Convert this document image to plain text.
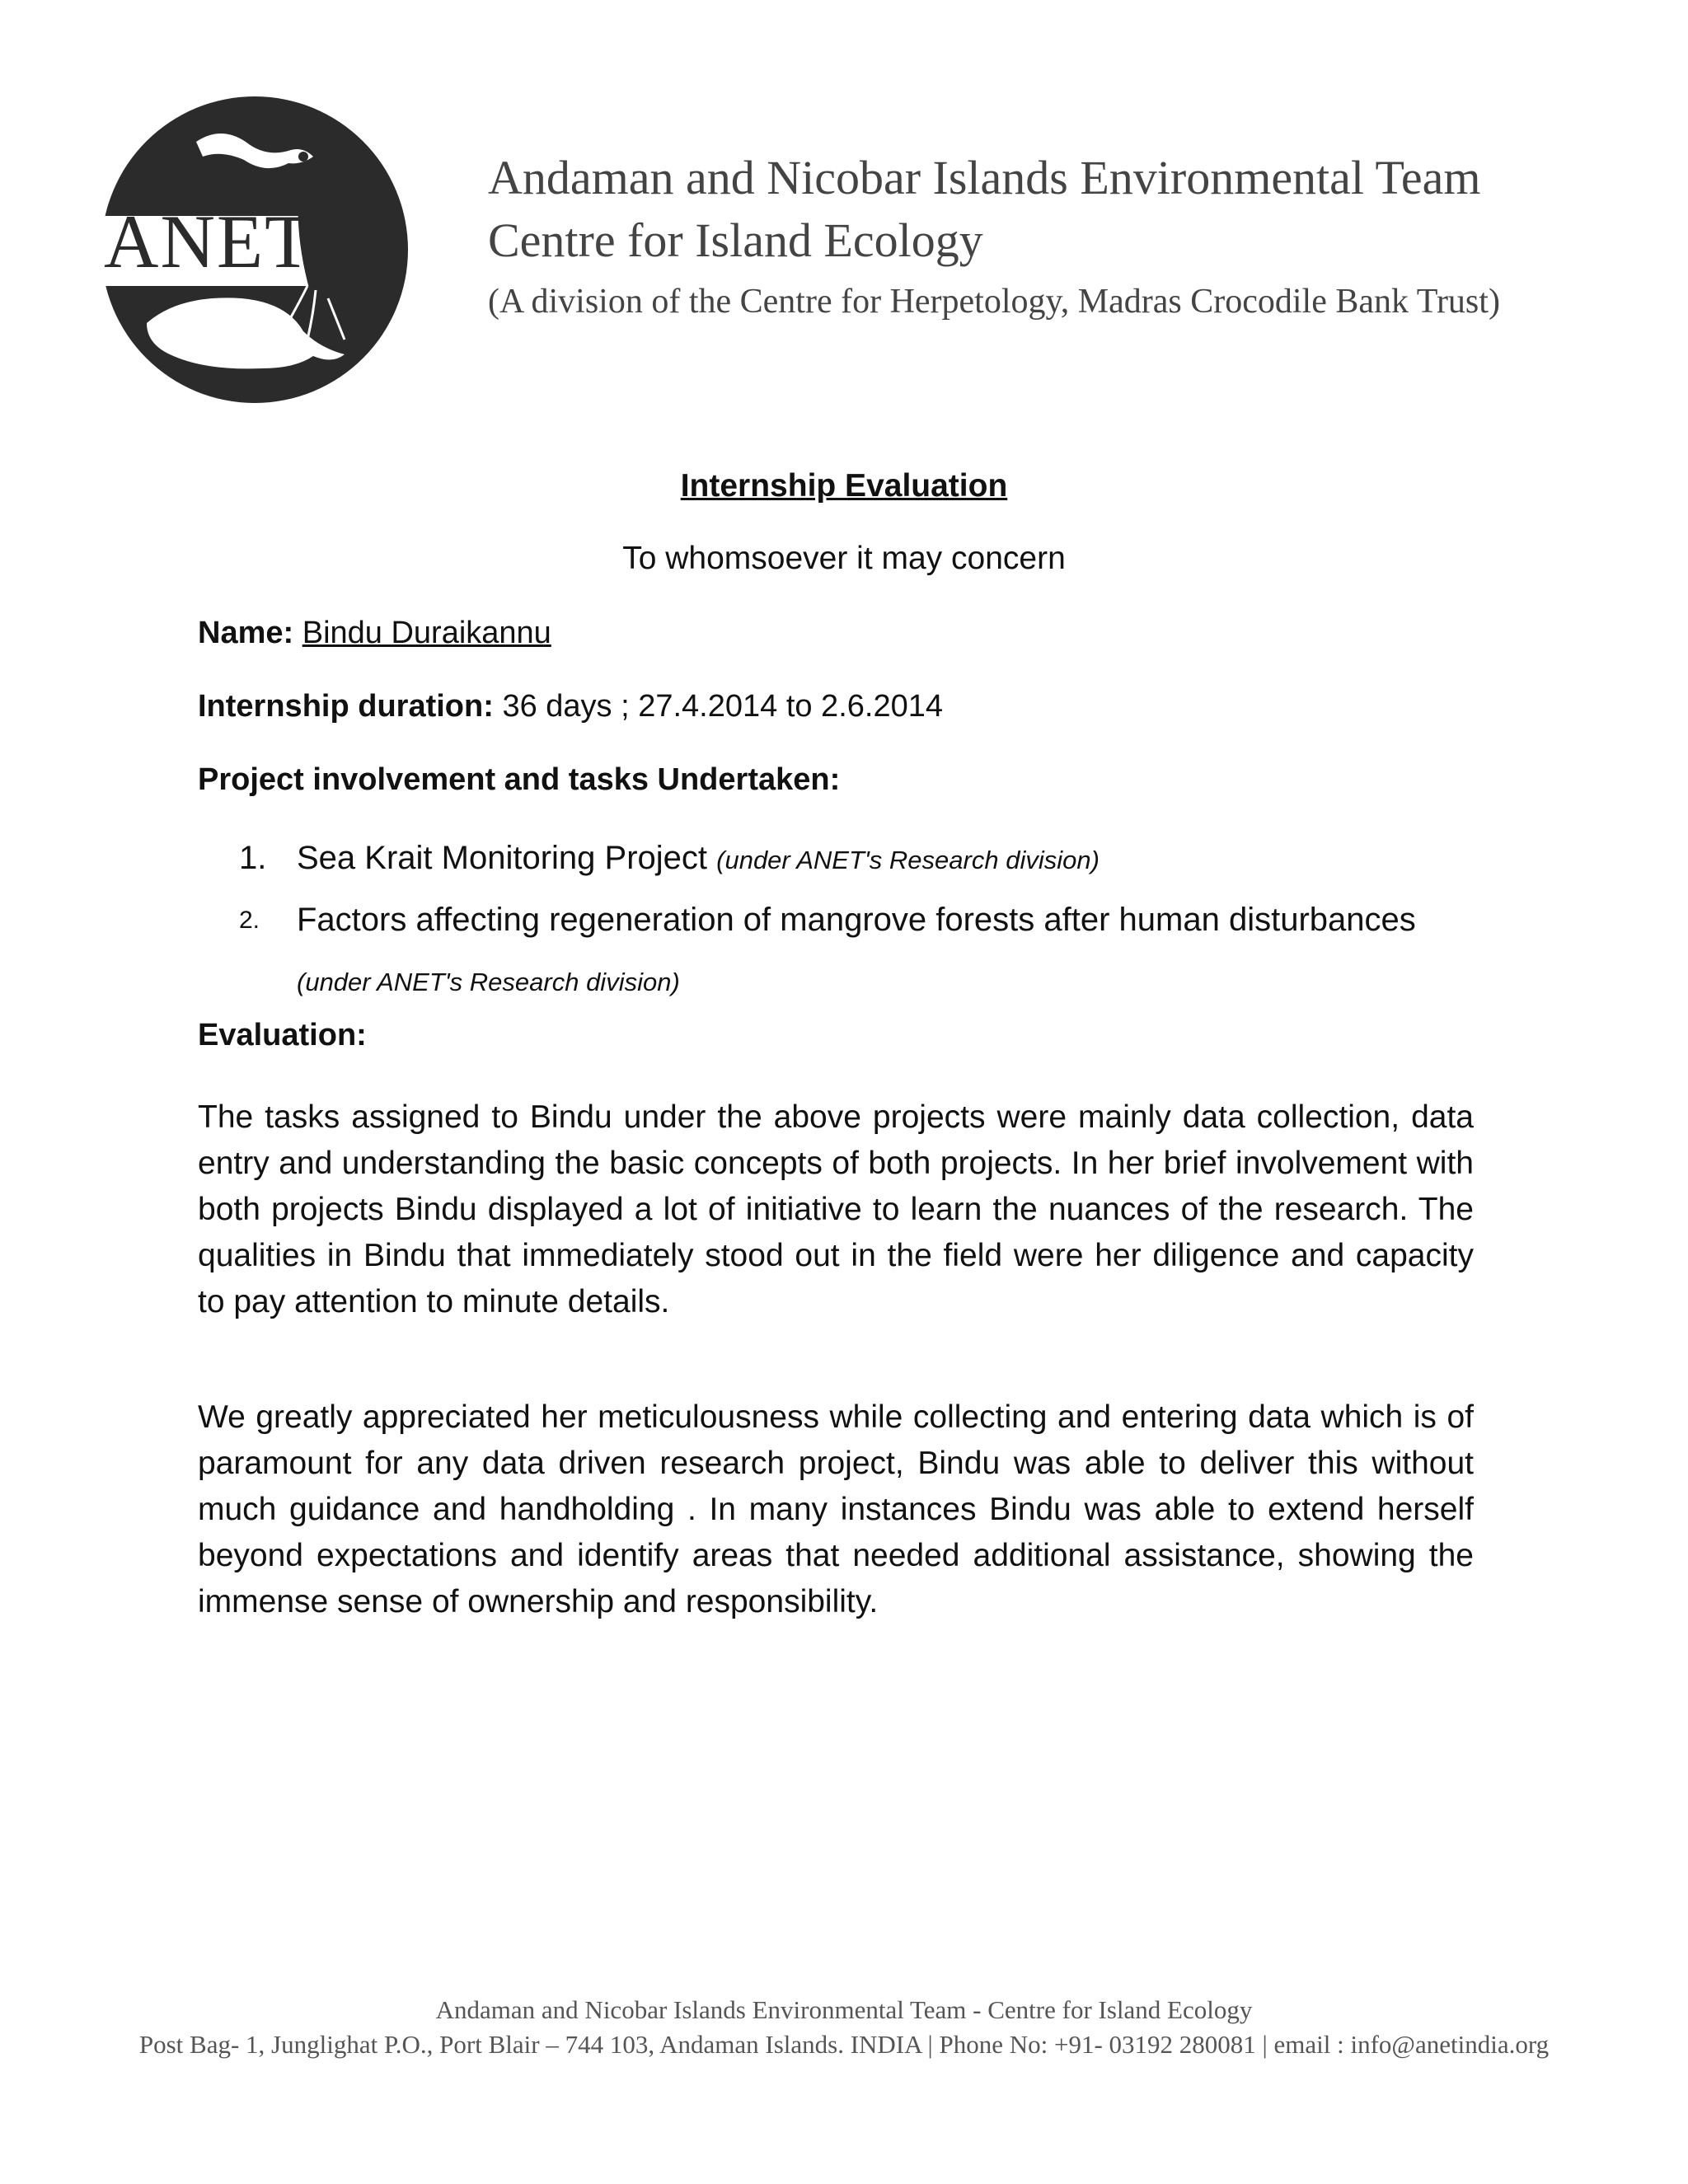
ANET
Andaman and Nicobar Islands Environmental Team
Centre for Island Ecology
(A division of the Centre for Herpetology, Madras Crocodile Bank Trust)
Internship Evaluation
To whomsoever it may concern
Name: Bindu Duraikannu
Internship duration: 36 days ; 27.4.2014 to 2.6.2014
Project involvement and tasks Undertaken:
1. Sea Krait Monitoring Project (under ANET's Research division)
2. Factors affecting regeneration of mangrove forests after human disturbances (under ANET's Research division)
Evaluation:
The tasks assigned to Bindu under the above projects were mainly data collection, data entry and understanding the basic concepts of both projects. In her brief involvement with both projects Bindu displayed a lot of initiative to learn the nuances of the research. The qualities in Bindu that immediately stood out in the field were her diligence and capacity to pay attention to minute details.
We greatly appreciated her meticulousness while collecting and entering data which is of paramount for any data driven research project, Bindu was able to deliver this without much guidance and handholding . In many instances Bindu was able to extend herself beyond expectations and identify areas that needed additional assistance, showing the immense sense of ownership and responsibility.
Andaman and Nicobar Islands Environmental Team - Centre for Island Ecology
Post Bag- 1, Junglighat P.O., Port Blair – 744 103, Andaman Islands. INDIA | Phone No: +91- 03192 280081 | email : info@anetindia.org
